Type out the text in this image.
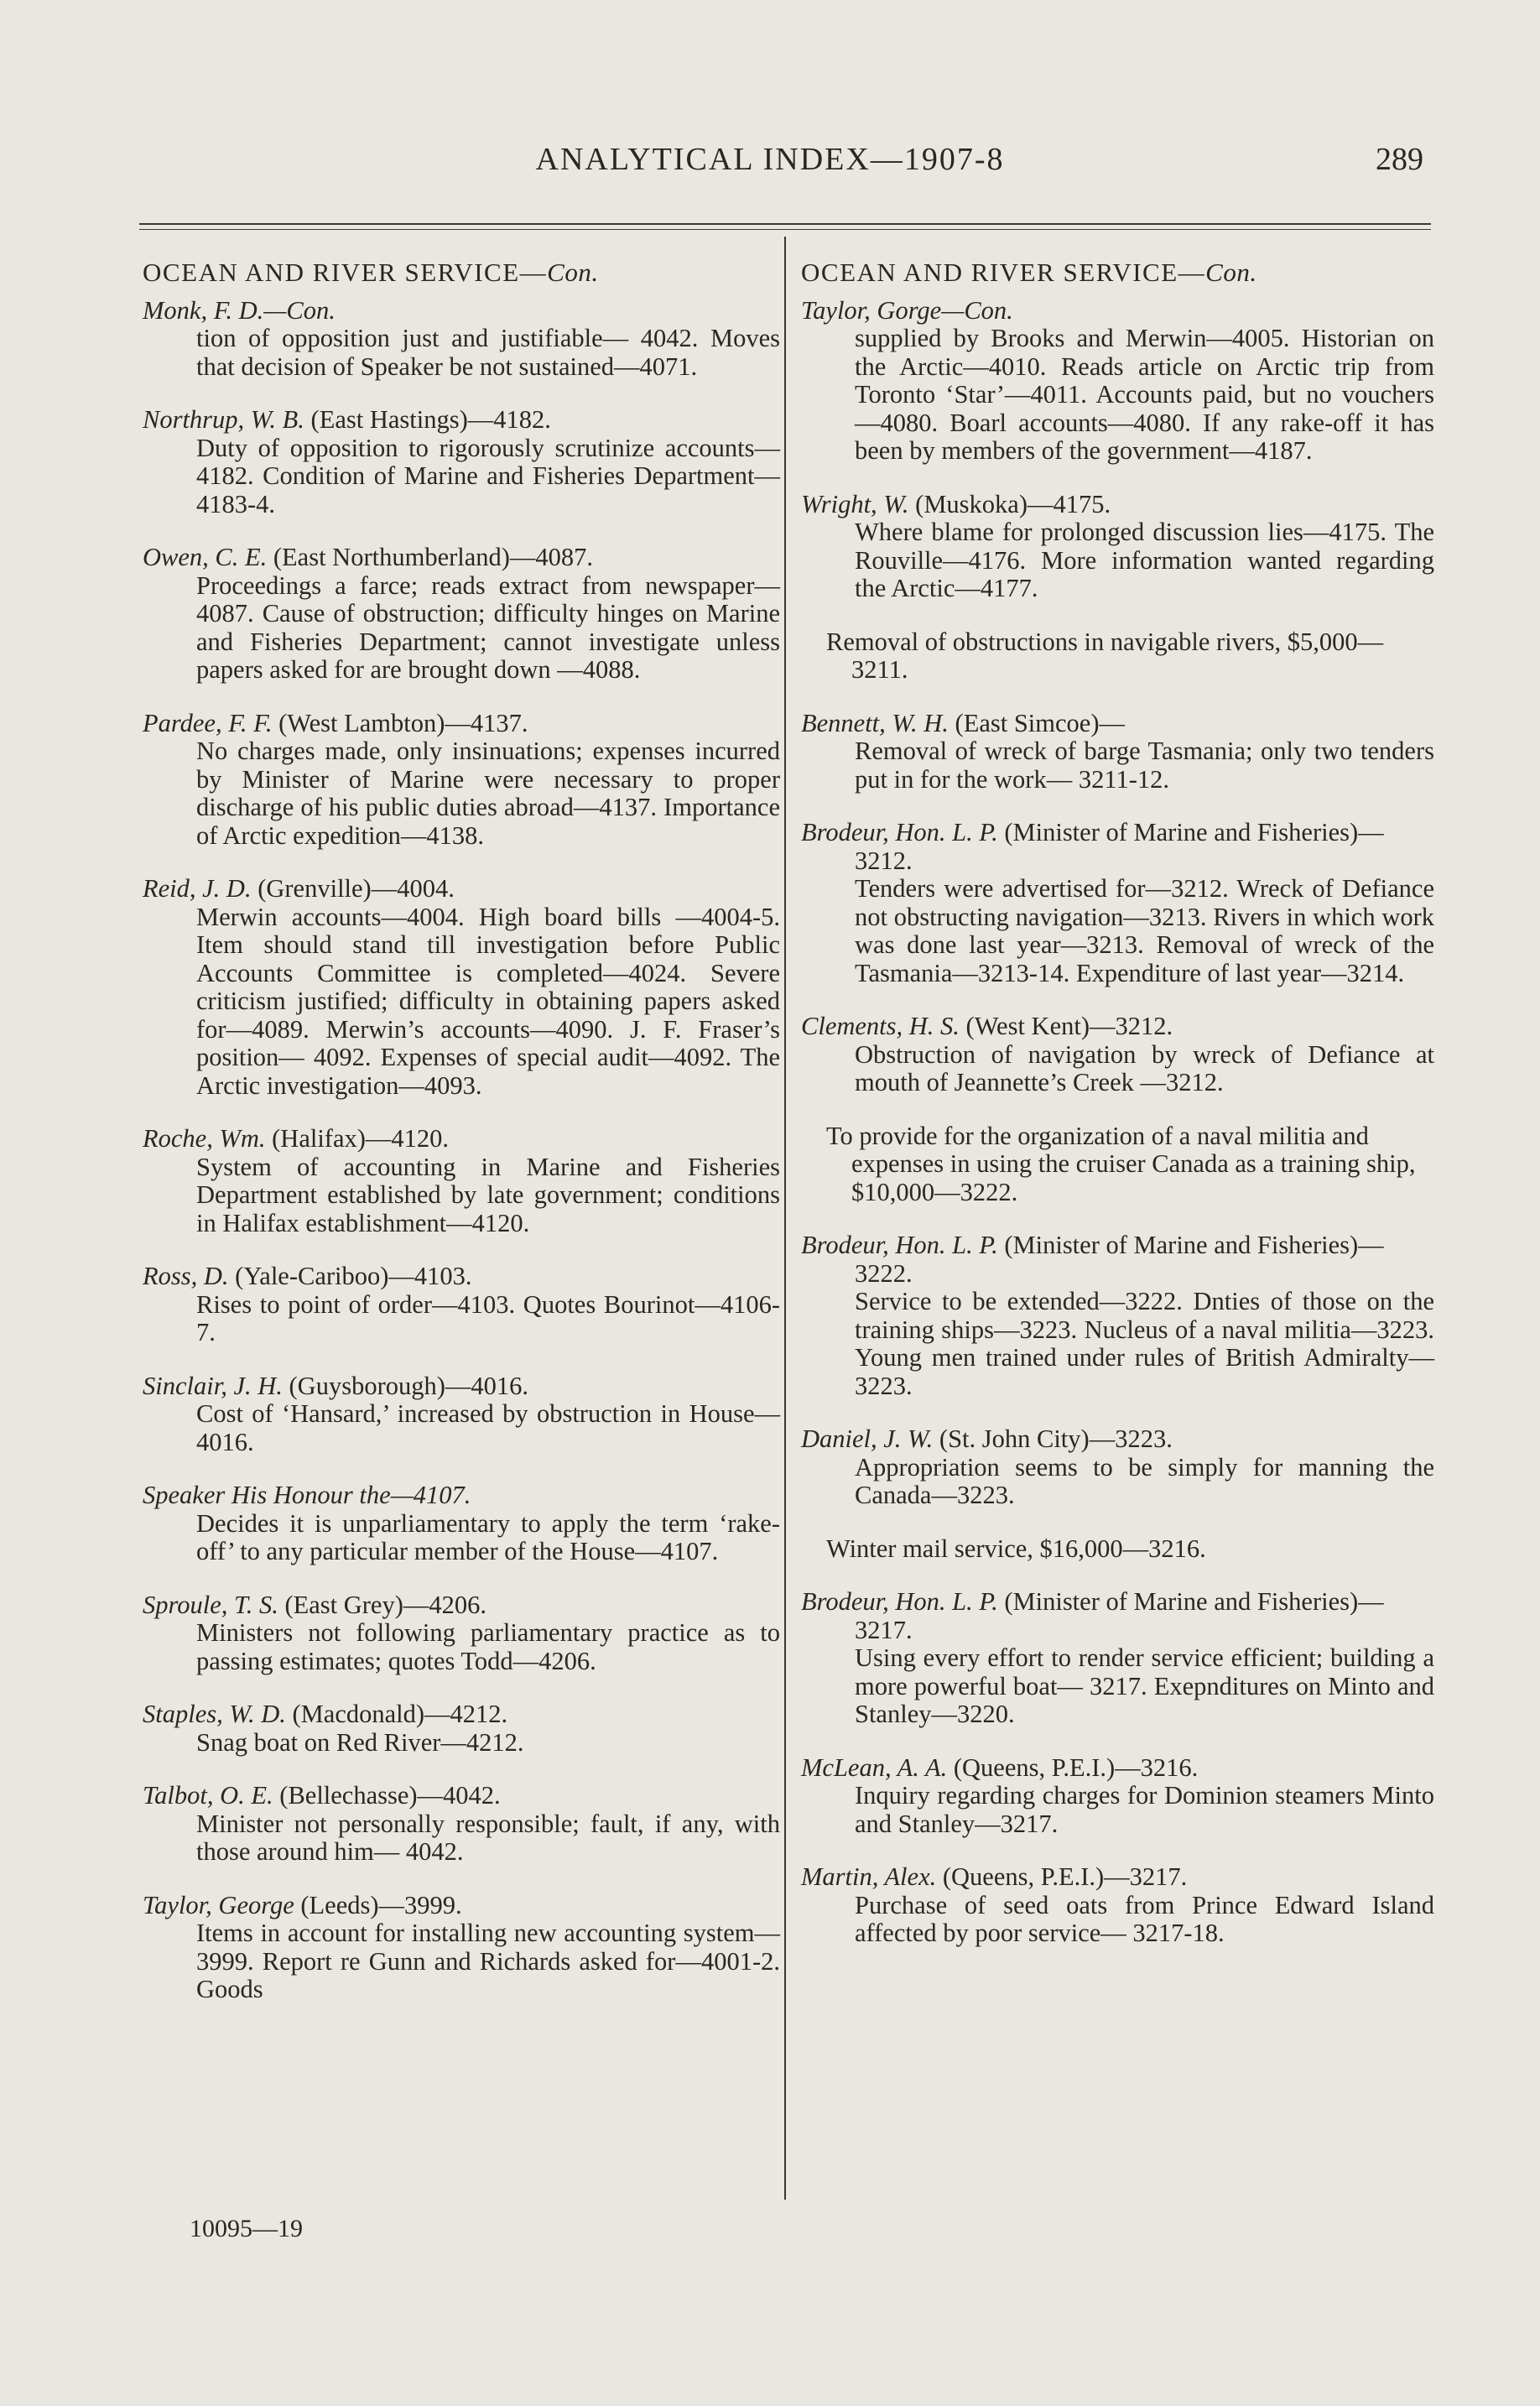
ANALYTICAL INDEX—1907-8	289
OCEAN AND RIVER SERVICE—Con.
Monk, F. D.—Con.
tion of opposition just and justifiable— 4042. Moves that decision of Speaker be not sustained—4071.
Northrup, W. B. (East Hastings)—4182.
Duty of opposition to rigorously scrutinize accounts—4182. Condition of Marine and Fisheries Department—4183-4.
Owen, C. E. (East Northumberland)—4087.
Proceedings a farce; reads extract from newspaper—4087. Cause of obstruction; difficulty hinges on Marine and Fisheries Department; cannot investigate unless papers asked for are brought down —4088.
Pardee, F. F. (West Lambton)—4137.
No charges made, only insinuations; expenses incurred by Minister of Marine were necessary to proper discharge of his public duties abroad—4137. Importance of Arctic expedition—4138.
Reid, J. D. (Grenville)—4004.
Merwin accounts—4004. High board bills —4004-5. Item should stand till investigation before Public Accounts Committee is completed—4024. Severe criticism justified; difficulty in obtaining papers asked for—4089. Merwin’s accounts—4090. J. F. Fraser’s position— 4092. Expenses of special audit—4092. The Arctic investigation—4093.
Roche, Wm. (Halifax)—4120.
System of accounting in Marine and Fisheries Department established by late government; conditions in Halifax establishment—4120.
Ross, D. (Yale-Cariboo)—4103.
Rises to point of order—4103. Quotes Bourinot—4106-7.
Sinclair, J. H. (Guysborough)—4016.
Cost of ‘Hansard,’ increased by obstruction in House—4016.
Speaker His Honour the—4107.
Decides it is unparliamentary to apply the term ‘rake-off’ to any particular member of the House—4107.
Sproule, T. S. (East Grey)—4206.
Ministers not following parliamentary practice as to passing estimates; quotes Todd—4206.
Staples, W. D. (Macdonald)—4212.
Snag boat on Red River—4212.
Talbot, O. E. (Bellechasse)—4042.
Minister not personally responsible; fault, if any, with those around him— 4042.
Taylor, George (Leeds)—3999.
Items in account for installing new accounting system—3999. Report re Gunn and Richards asked for—4001-2. Goods
OCEAN AND RIVER SERVICE—Con.
Taylor, Gorge—Con.
supplied by Brooks and Merwin—4005. Historian on the Arctic—4010. Reads article on Arctic trip from Toronto ‘Star’—4011. Accounts paid, but no vouchers—4080. Boarl accounts—4080. If any rake-off it has been by members of the government—4187.
Wright, W. (Muskoka)—4175.
Where blame for prolonged discussion lies—4175. The Rouville—4176. More information wanted regarding the Arctic—4177.
Removal of obstructions in navigable rivers, $5,000—3211.
Bennett, W. H. (East Simcoe)—
Removal of wreck of barge Tasmania; only two tenders put in for the work— 3211-12.
Brodeur, Hon. L. P. (Minister of Marine and Fisheries)—3212.
Tenders were advertised for—3212. Wreck of Defiance not obstructing navigation—3213. Rivers in which work was done last year—3213. Removal of wreck of the Tasmania—3213-14. Expenditure of last year—3214.
Clements, H. S. (West Kent)—3212.
Obstruction of navigation by wreck of Defiance at mouth of Jeannette’s Creek —3212.
To provide for the organization of a naval militia and expenses in using the cruiser Canada as a training ship, $10,000—3222.
Brodeur, Hon. L. P. (Minister of Marine and Fisheries)—3222.
Service to be extended—3222. Dnties of those on the training ships—3223. Nucleus of a naval militia—3223. Young men trained under rules of British Admiralty—3223.
Daniel, J. W. (St. John City)—3223.
Appropriation seems to be simply for manning the Canada—3223.
Winter mail service, $16,000—3216.
Brodeur, Hon. L. P. (Minister of Marine and Fisheries)—3217.
Using every effort to render service efficient; building a more powerful boat— 3217. Exepnditures on Minto and Stanley—3220.
McLean, A. A. (Queens, P.E.I.)—3216.
Inquiry regarding charges for Dominion steamers Minto and Stanley—3217.
Martin, Alex. (Queens, P.E.I.)—3217.
Purchase of seed oats from Prince Edward Island affected by poor service— 3217-18.
10095—19
